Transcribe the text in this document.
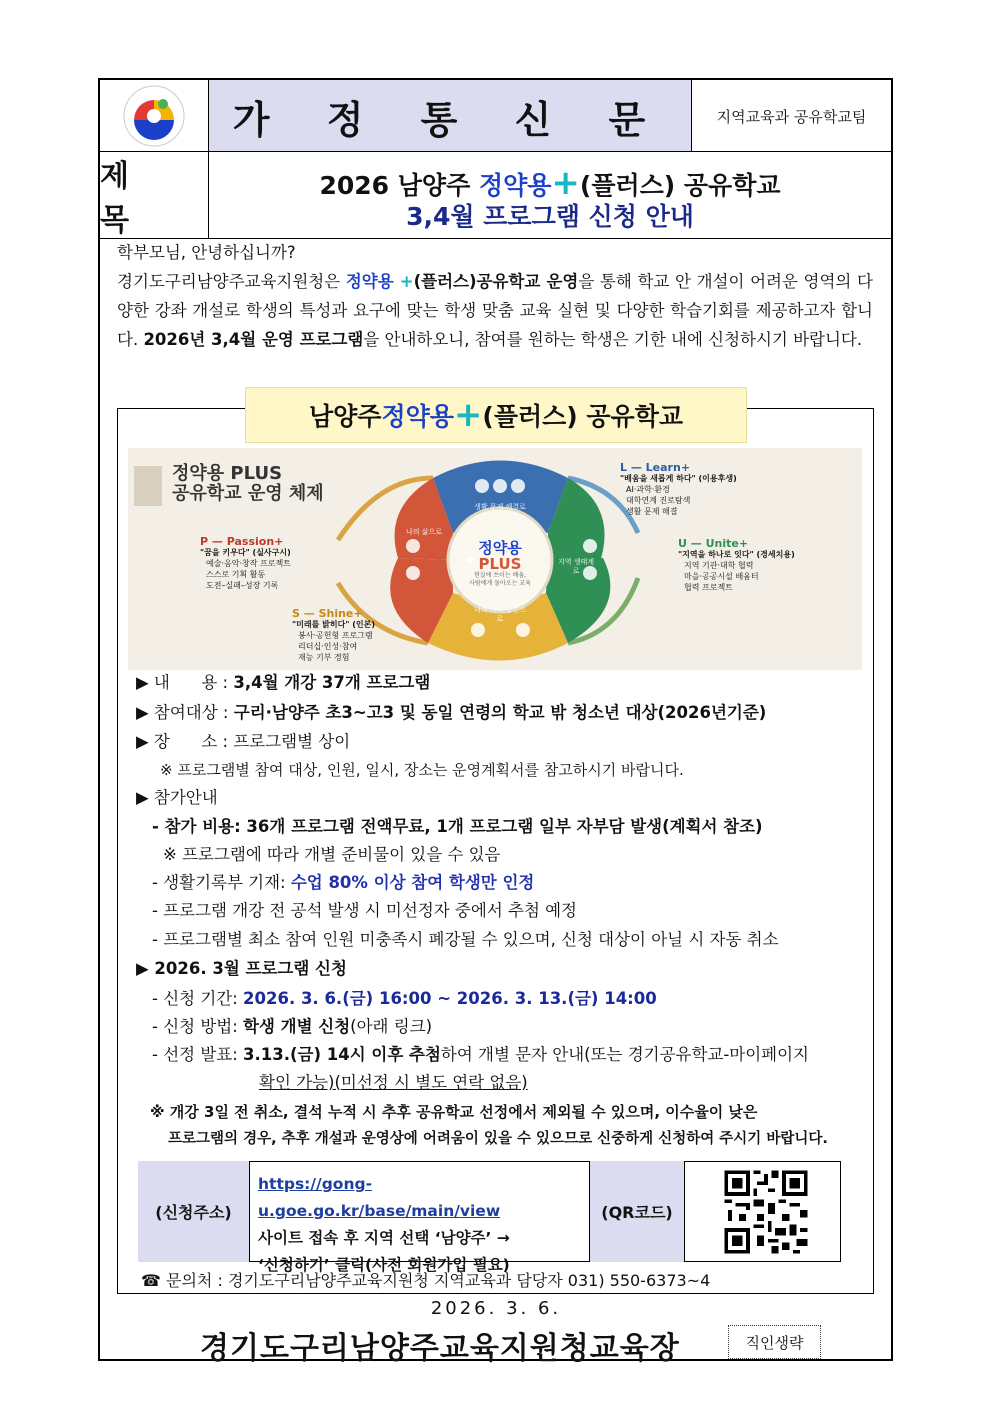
가 정 통 신 문	지역교육과 공유학교팀
제 목
2026 남양주 정약용+(플러스) 공유학교
3,4월 프로그램 신청 안내
학부모님, 안녕하십니까?
경기도구리남양주교육지원청은 정약용 +(플러스)공유학교 운영을 통해 학교 안 개설이 어려운 영역의 다양한 강좌 개설로 학생의 특성과 요구에 맞는 학생 맞춤 교육 실현 및 다양한 학습기회를 제공하고자 합니다. 2026년 3,4월 운영 프로그램을 안내하오니, 참여를 원하는 학생은 기한 내에 신청하시기 바랍니다.
남양주 정약용 + (플러스) 공유학교
●
정약용 PLUS
공유학교 운영 체제
정약용
PLUS
현실에 쓰이는 배움,
사람에게 돌아오는 교육
생활 문제 해결로
지역 생태계로
나의 가치 발견으로
나의 삶으로
L — Learn+
"배움을 새롭게 하다" (이용후생)
AI·과학·환경
대학연계 진로탐색
생활 문제 해결
U — Unite+
"지역을 하나로 잇다" (경세치용)
지역 기관·대학 협력
마을·공공시설 배움터
협력 프로젝트
P — Passion+
"꿈을 키우다" (실사구시)
예술·음악·창작 프로젝트
스스로 기획 활동
도전–실패–성장 기록
S — Shine+
"미래를 밝히다" (인본)
봉사·공헌형 프로그램
리더십·인성·참여
재능 기부 경험
▶ 내      용 : 3,4월 개강 37개 프로그램
▶ 참여대상 : 구리·남양주 초3~고3 및 동일 연령의 학교 밖 청소년 대상(2026년기준)
▶ 장      소 : 프로그램별 상이
※ 프로그램별 참여 대상, 인원, 일시, 장소는 운영계획서를 참고하시기 바랍니다.
▶ 참가안내
- 참가 비용: 36개 프로그램 전액무료, 1개 프로그램 일부 자부담 발생(계획서 참조)
※ 프로그램에 따라 개별 준비물이 있을 수 있음
- 생활기록부 기재: 수업 80% 이상 참여 학생만 인정
- 프로그램 개강 전 공석 발생 시 미선정자 중에서 추첨 예정
- 프로그램별 최소 참여 인원 미충족시 폐강될 수 있으며, 신청 대상이 아닐 시 자동 취소
▶ 2026. 3월 프로그램 신청
- 신청 기간: 2026. 3. 6.(금) 16:00 ~ 2026. 3. 13.(금) 14:00
- 신청 방법: 학생 개별 신청(아래 링크)
- 선정 발표: 3.13.(금) 14시 이후 추첨하여 개별 문자 안내(또는 경기공유학교-마이페이지
확인 가능)(미선정 시 별도 연락 없음)
※ 개강 3일 전 취소, 결석 누적 시 추후 공유학교 선정에서 제외될 수 있으며, 이수율이 낮은
프로그램의 경우, 추후 개설과 운영상에 어려움이 있을 수 있으므로 신중하게 신청하여 주시기 바랍니다.
(신청주소)
https://gong-u.goe.go.kr/base/main/view
사이트 접속 후 지역 선택 ‘남양주’ →
‘신청하기’ 클릭(사전 회원가입 필요)
(QR코드)
☎ 문의처 : 경기도구리남양주교육지원청 지역교육과 담당자 031) 550-6373~4
2026. 3. 6.
경기도구리남양주교육지원청교육장	직인생략
